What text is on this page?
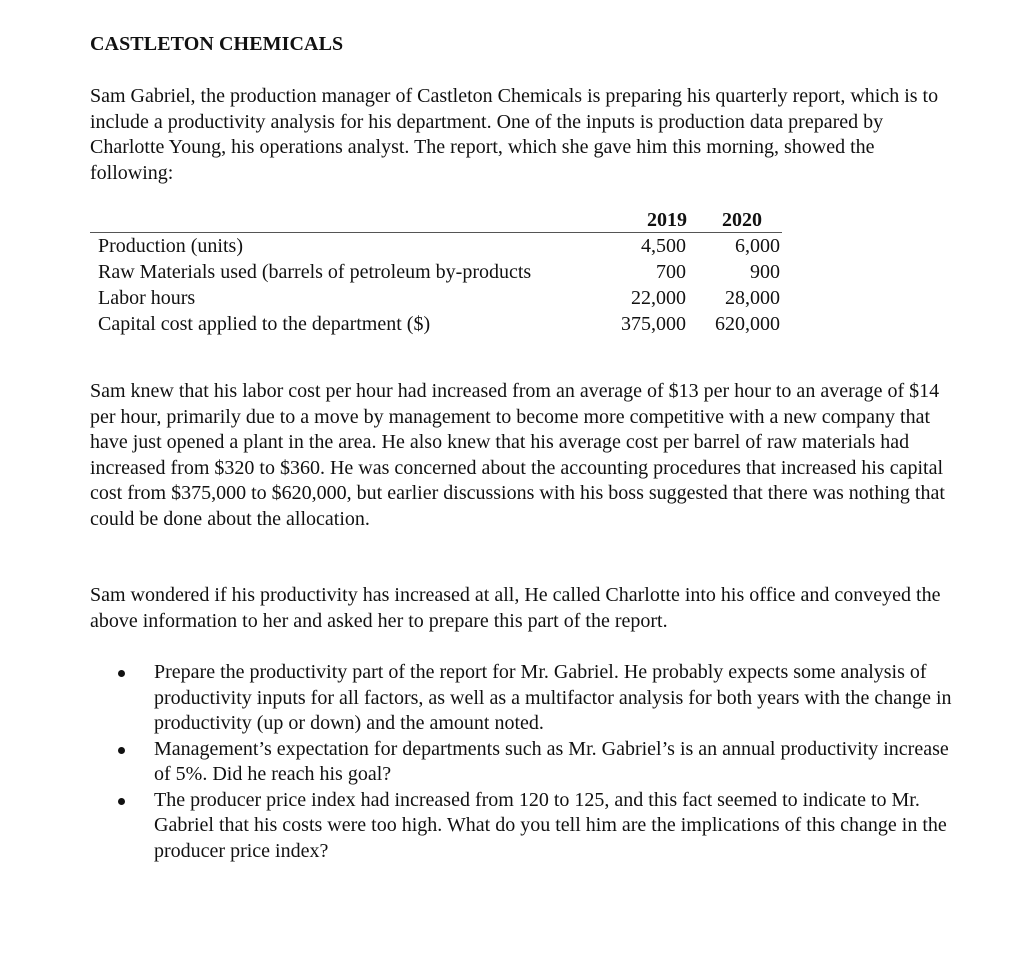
CASTLETON CHEMICALS
Sam Gabriel, the production manager of Castleton Chemicals is preparing his quarterly report, which is to include a productivity analysis for his department. One of the inputs is production data prepared by Charlotte Young, his operations analyst. The report, which she gave him this morning, showed the following:
2019 2020
Production (units)	4,500 6,000
Raw Materials used (barrels of petroleum by-products	700	900
Labor hours	22,000 28,000
Capital cost applied to the department ($)	375,000 620,000
Sam knew that his labor cost per hour had increased from an average of $13 per hour to an average of $14 per hour, primarily due to a move by management to become more competitive with a new company that have just opened a plant in the area. He also knew that his average cost per barrel of raw materials had increased from $320 to $360. He was concerned about the accounting procedures that increased his capital cost from $375,000 to $620,000, but earlier discussions with his boss suggested that there was nothing that could be done about the allocation.
Sam wondered if his productivity has increased at all, He called Charlotte into his office and conveyed the above information to her and asked her to prepare this part of the report.
Prepare the productivity part of the report for Mr. Gabriel. He probably expects some analysis of productivity inputs for all factors, as well as a multifactor analysis for both years with the change in productivity (up or down) and the amount noted.
Management’s expectation for departments such as Mr. Gabriel’s is an annual productivity increase of 5%. Did he reach his goal?
The producer price index had increased from 120 to 125, and this fact seemed to indicate to Mr. Gabriel that his costs were too high. What do you tell him are the implications of this change in the producer price index?
